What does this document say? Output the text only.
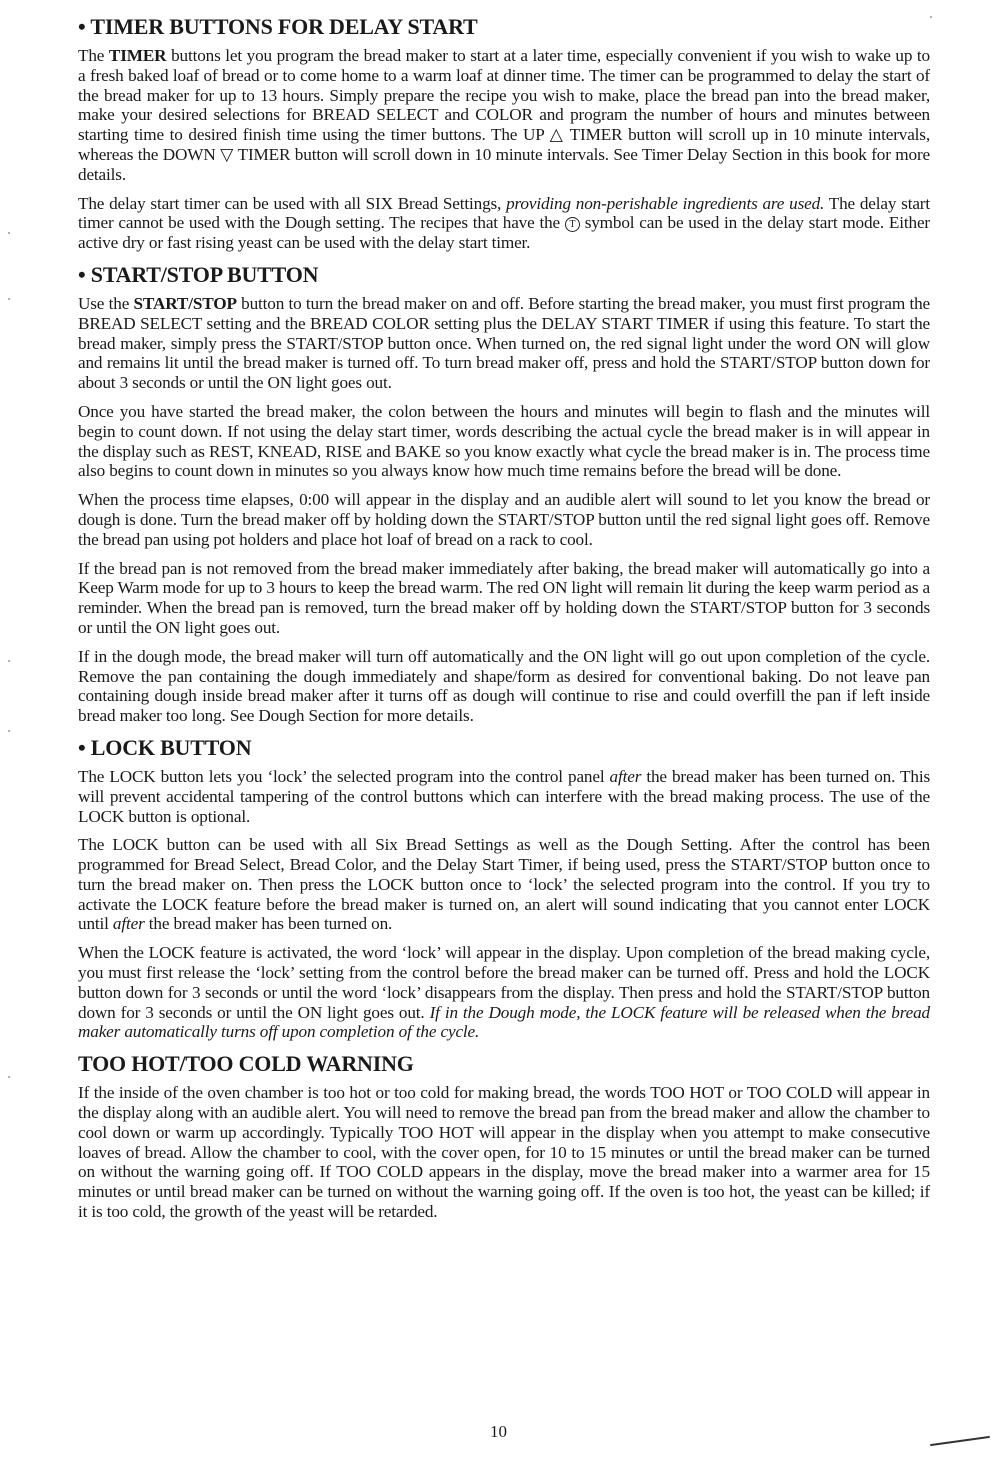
• TIMER BUTTONS FOR DELAY START

The TIMER buttons let you program the bread maker to start at a later time, especially convenient if you wish to wake up to a fresh baked loaf of bread or to come home to a warm loaf at dinner time. The timer can be programmed to delay the start of the bread maker for up to 13 hours. Simply prepare the recipe you wish to make, place the bread pan into the bread maker, make your desired selections for BREAD SELECT and COLOR and program the number of hours and minutes between starting time to desired finish time using the timer buttons. The UP △ TIMER button will scroll up in 10 minute intervals, whereas the DOWN ▽ TIMER button will scroll down in 10 minute intervals. See Timer Delay Section in this book for more details.

The delay start timer can be used with all SIX Bread Settings, providing non-perishable ingredients are used. The delay start timer cannot be used with the Dough setting. The recipes that have the T symbol can be used in the delay start mode. Either active dry or fast rising yeast can be used with the delay start timer.

• START/STOP BUTTON

Use the START/STOP button to turn the bread maker on and off. Before starting the bread maker, you must first program the BREAD SELECT setting and the BREAD COLOR setting plus the DELAY START TIMER if using this feature. To start the bread maker, simply press the START/STOP button once. When turned on, the red signal light under the word ON will glow and remains lit until the bread maker is turned off. To turn bread maker off, press and hold the START/STOP button down for about 3 seconds or until the ON light goes out.

Once you have started the bread maker, the colon between the hours and minutes will begin to flash and the minutes will begin to count down. If not using the delay start timer, words describing the actual cycle the bread maker is in will appear in the display such as REST, KNEAD, RISE and BAKE so you know exactly what cycle the bread maker is in. The process time also begins to count down in minutes so you always know how much time remains before the bread will be done.

When the process time elapses, 0:00 will appear in the display and an audible alert will sound to let you know the bread or dough is done. Turn the bread maker off by holding down the START/STOP button until the red signal light goes off. Remove the bread pan using pot holders and place hot loaf of bread on a rack to cool.

If the bread pan is not removed from the bread maker immediately after baking, the bread maker will automatically go into a Keep Warm mode for up to 3 hours to keep the bread warm. The red ON light will remain lit during the keep warm period as a reminder. When the bread pan is removed, turn the bread maker off by holding down the START/STOP button for 3 seconds or until the ON light goes out.

If in the dough mode, the bread maker will turn off automatically and the ON light will go out upon completion of the cycle. Remove the pan containing the dough immediately and shape/form as desired for conventional baking. Do not leave pan containing dough inside bread maker after it turns off as dough will continue to rise and could overfill the pan if left inside bread maker too long. See Dough Section for more details.

• LOCK BUTTON

The LOCK button lets you ‘lock’ the selected program into the control panel after the bread maker has been turned on. This will prevent accidental tampering of the control buttons which can interfere with the bread making process. The use of the LOCK button is optional.

The LOCK button can be used with all Six Bread Settings as well as the Dough Setting. After the control has been programmed for Bread Select, Bread Color, and the Delay Start Timer, if being used, press the START/STOP button once to turn the bread maker on. Then press the LOCK button once to ‘lock’ the selected program into the control. If you try to activate the LOCK feature before the bread maker is turned on, an alert will sound indicating that you cannot enter LOCK until after the bread maker has been turned on.

When the LOCK feature is activated, the word ‘lock’ will appear in the display. Upon completion of the bread making cycle, you must first release the ‘lock’ setting from the control before the bread maker can be turned off. Press and hold the LOCK button down for 3 seconds or until the word ‘lock’ disappears from the display. Then press and hold the START/STOP button down for 3 seconds or until the ON light goes out. If in the Dough mode, the LOCK feature will be released when the bread maker automatically turns off upon completion of the cycle.

TOO HOT/TOO COLD WARNING

If the inside of the oven chamber is too hot or too cold for making bread, the words TOO HOT or TOO COLD will appear in the display along with an audible alert. You will need to remove the bread pan from the bread maker and allow the chamber to cool down or warm up accordingly. Typically TOO HOT will appear in the display when you attempt to make consecutive loaves of bread. Allow the chamber to cool, with the cover open, for 10 to 15 minutes or until the bread maker can be turned on without the warning going off. If TOO COLD appears in the display, move the bread maker into a warmer area for 15 minutes or until bread maker can be turned on without the warning going off. If the oven is too hot, the yeast can be killed; if it is too cold, the growth of the yeast will be retarded.

10
